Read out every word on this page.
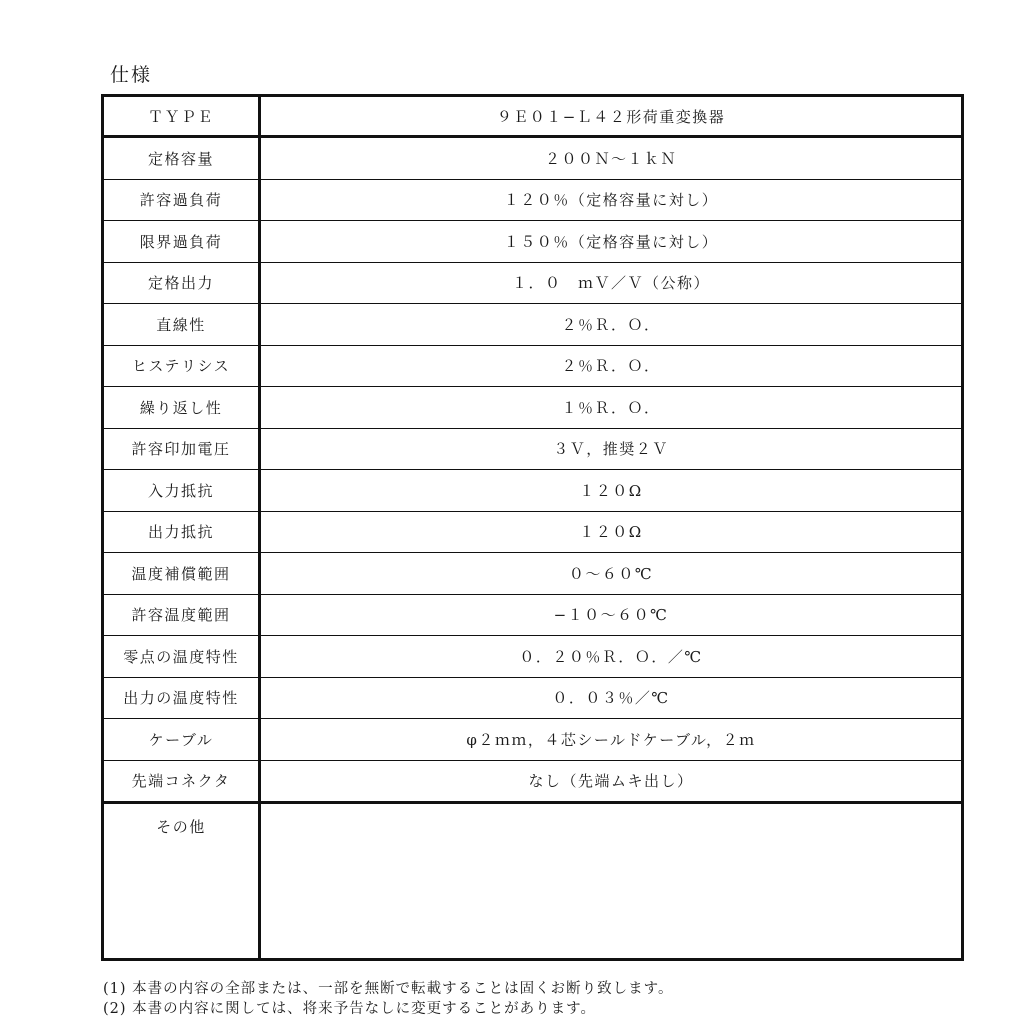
仕様
ＴＹＰＥ	９Ｅ０１−Ｌ４２形荷重変換器
定格容量	２００Ｎ～１ｋＮ
許容過負荷	１２０％（定格容量に対し）
限界過負荷	１５０％（定格容量に対し）
定格出力	１．０　ｍＶ／Ｖ（公称）
直線性	２％Ｒ．Ｏ．
ヒステリシス	２％Ｒ．Ｏ．
繰り返し性	１％Ｒ．Ｏ．
許容印加電圧	３Ｖ，推奨２Ｖ
入力抵抗	１２０Ω
出力抵抗	１２０Ω
温度補償範囲	０～６０℃
許容温度範囲	−１０～６０℃
零点の温度特性	０．２０％Ｒ．Ｏ．／℃
出力の温度特性	０．０３％／℃
ケーブル	φ２ｍｍ，４芯シールドケーブル，２ｍ
先端コネクタ	なし（先端ムキ出し）
その他	
(1) 本書の内容の全部または、一部を無断で転載することは固くお断り致します。
(2) 本書の内容に関しては、将来予告なしに変更することがあります。
